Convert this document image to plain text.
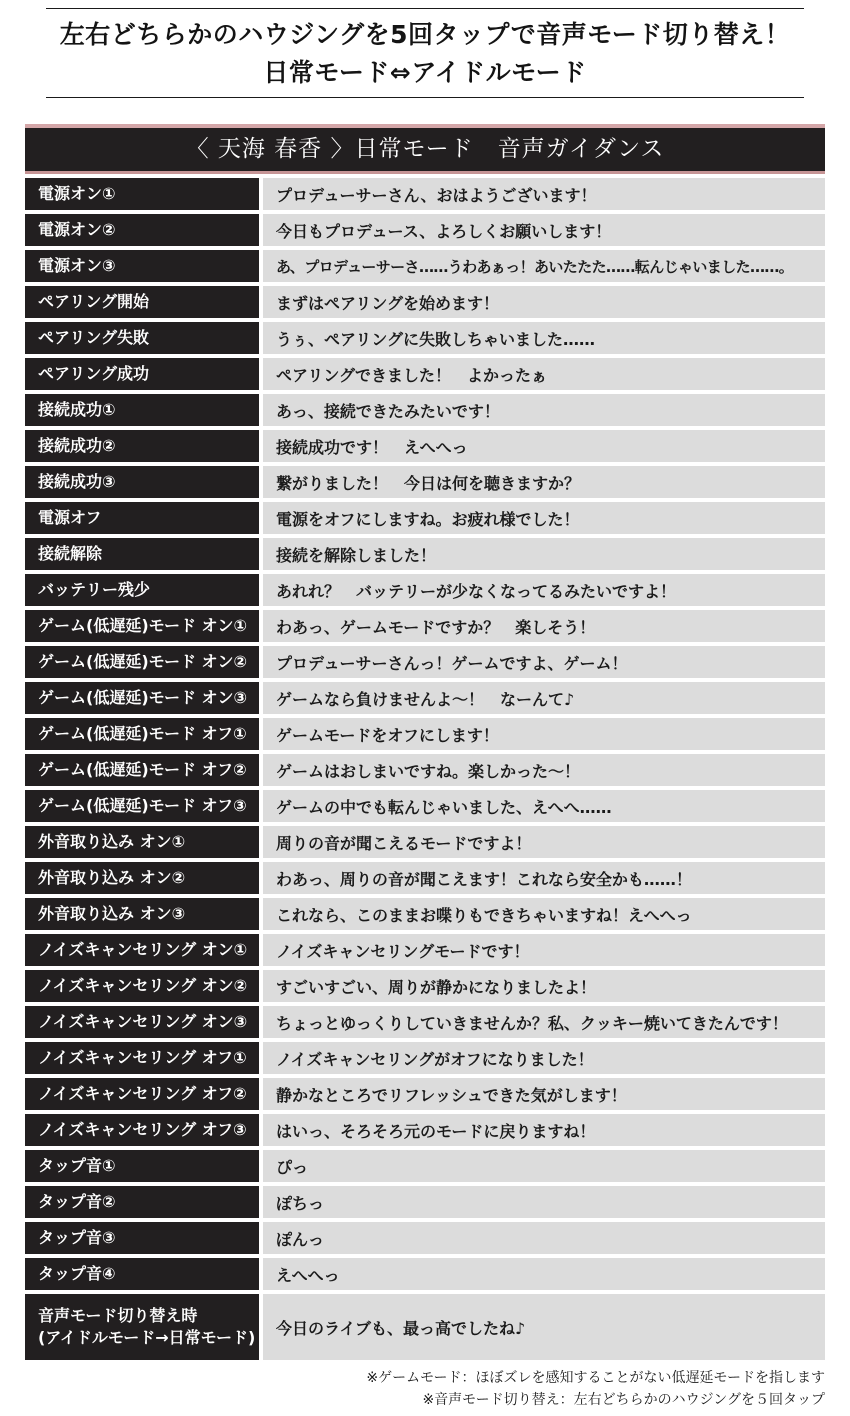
左右どちらかのハウジングを5回タップで音声モード切り替え！
日常モード⇔アイドルモード
〈 天海 春香 〉日常モード　音声ガイダンス
電源オン①	プロデューサーさん、おはようございます！
電源オン②	今日もプロデュース、よろしくお願いします！
電源オン③	あ、プロデューサーさ……うわあぁっ！あいたたた……転んじゃいました……。
ペアリング開始	まずはペアリングを始めます！
ペアリング失敗	うぅ、ペアリングに失敗しちゃいました……
ペアリング成功	ペアリングできました！　よかったぁ
接続成功①	あっ、接続できたみたいです！
接続成功②	接続成功です！　えへへっ
接続成功③	繋がりました！　今日は何を聴きますか？
電源オフ	電源をオフにしますね。お疲れ様でした！
接続解除	接続を解除しました！
バッテリー残少	あれれ？　バッテリーが少なくなってるみたいですよ！
ゲーム(低遅延)モード オン①	わあっ、ゲームモードですか？　楽しそう！
ゲーム(低遅延)モード オン②	プロデューサーさんっ！ゲームですよ、ゲーム！
ゲーム(低遅延)モード オン③	ゲームなら負けませんよ～！　なーんて♪
ゲーム(低遅延)モード オフ①	ゲームモードをオフにします！
ゲーム(低遅延)モード オフ②	ゲームはおしまいですね。楽しかった～！
ゲーム(低遅延)モード オフ③	ゲームの中でも転んじゃいました、えへへ……
外音取り込み オン①	周りの音が聞こえるモードですよ！
外音取り込み オン②	わあっ、周りの音が聞こえます！これなら安全かも……！
外音取り込み オン③	これなら、このままお喋りもできちゃいますね！えへへっ
ノイズキャンセリング オン①	ノイズキャンセリングモードです！
ノイズキャンセリング オン②	すごいすごい、周りが静かになりましたよ！
ノイズキャンセリング オン③	ちょっとゆっくりしていきませんか？私、クッキー焼いてきたんです！
ノイズキャンセリング オフ①	ノイズキャンセリングがオフになりました！
ノイズキャンセリング オフ②	静かなところでリフレッシュできた気がします！
ノイズキャンセリング オフ③	はいっ、そろそろ元のモードに戻りますね！
タップ音①	ぴっ
タップ音②	ぽちっ
タップ音③	ぽんっ
タップ音④	えへへっ
音声モード切り替え時
(アイドルモード→日常モード)	今日のライブも、最っ高でしたね♪
※ゲームモード：ほぼズレを感知することがない低遅延モードを指します
※音声モード切り替え：左右どちらかのハウジングを５回タップ
